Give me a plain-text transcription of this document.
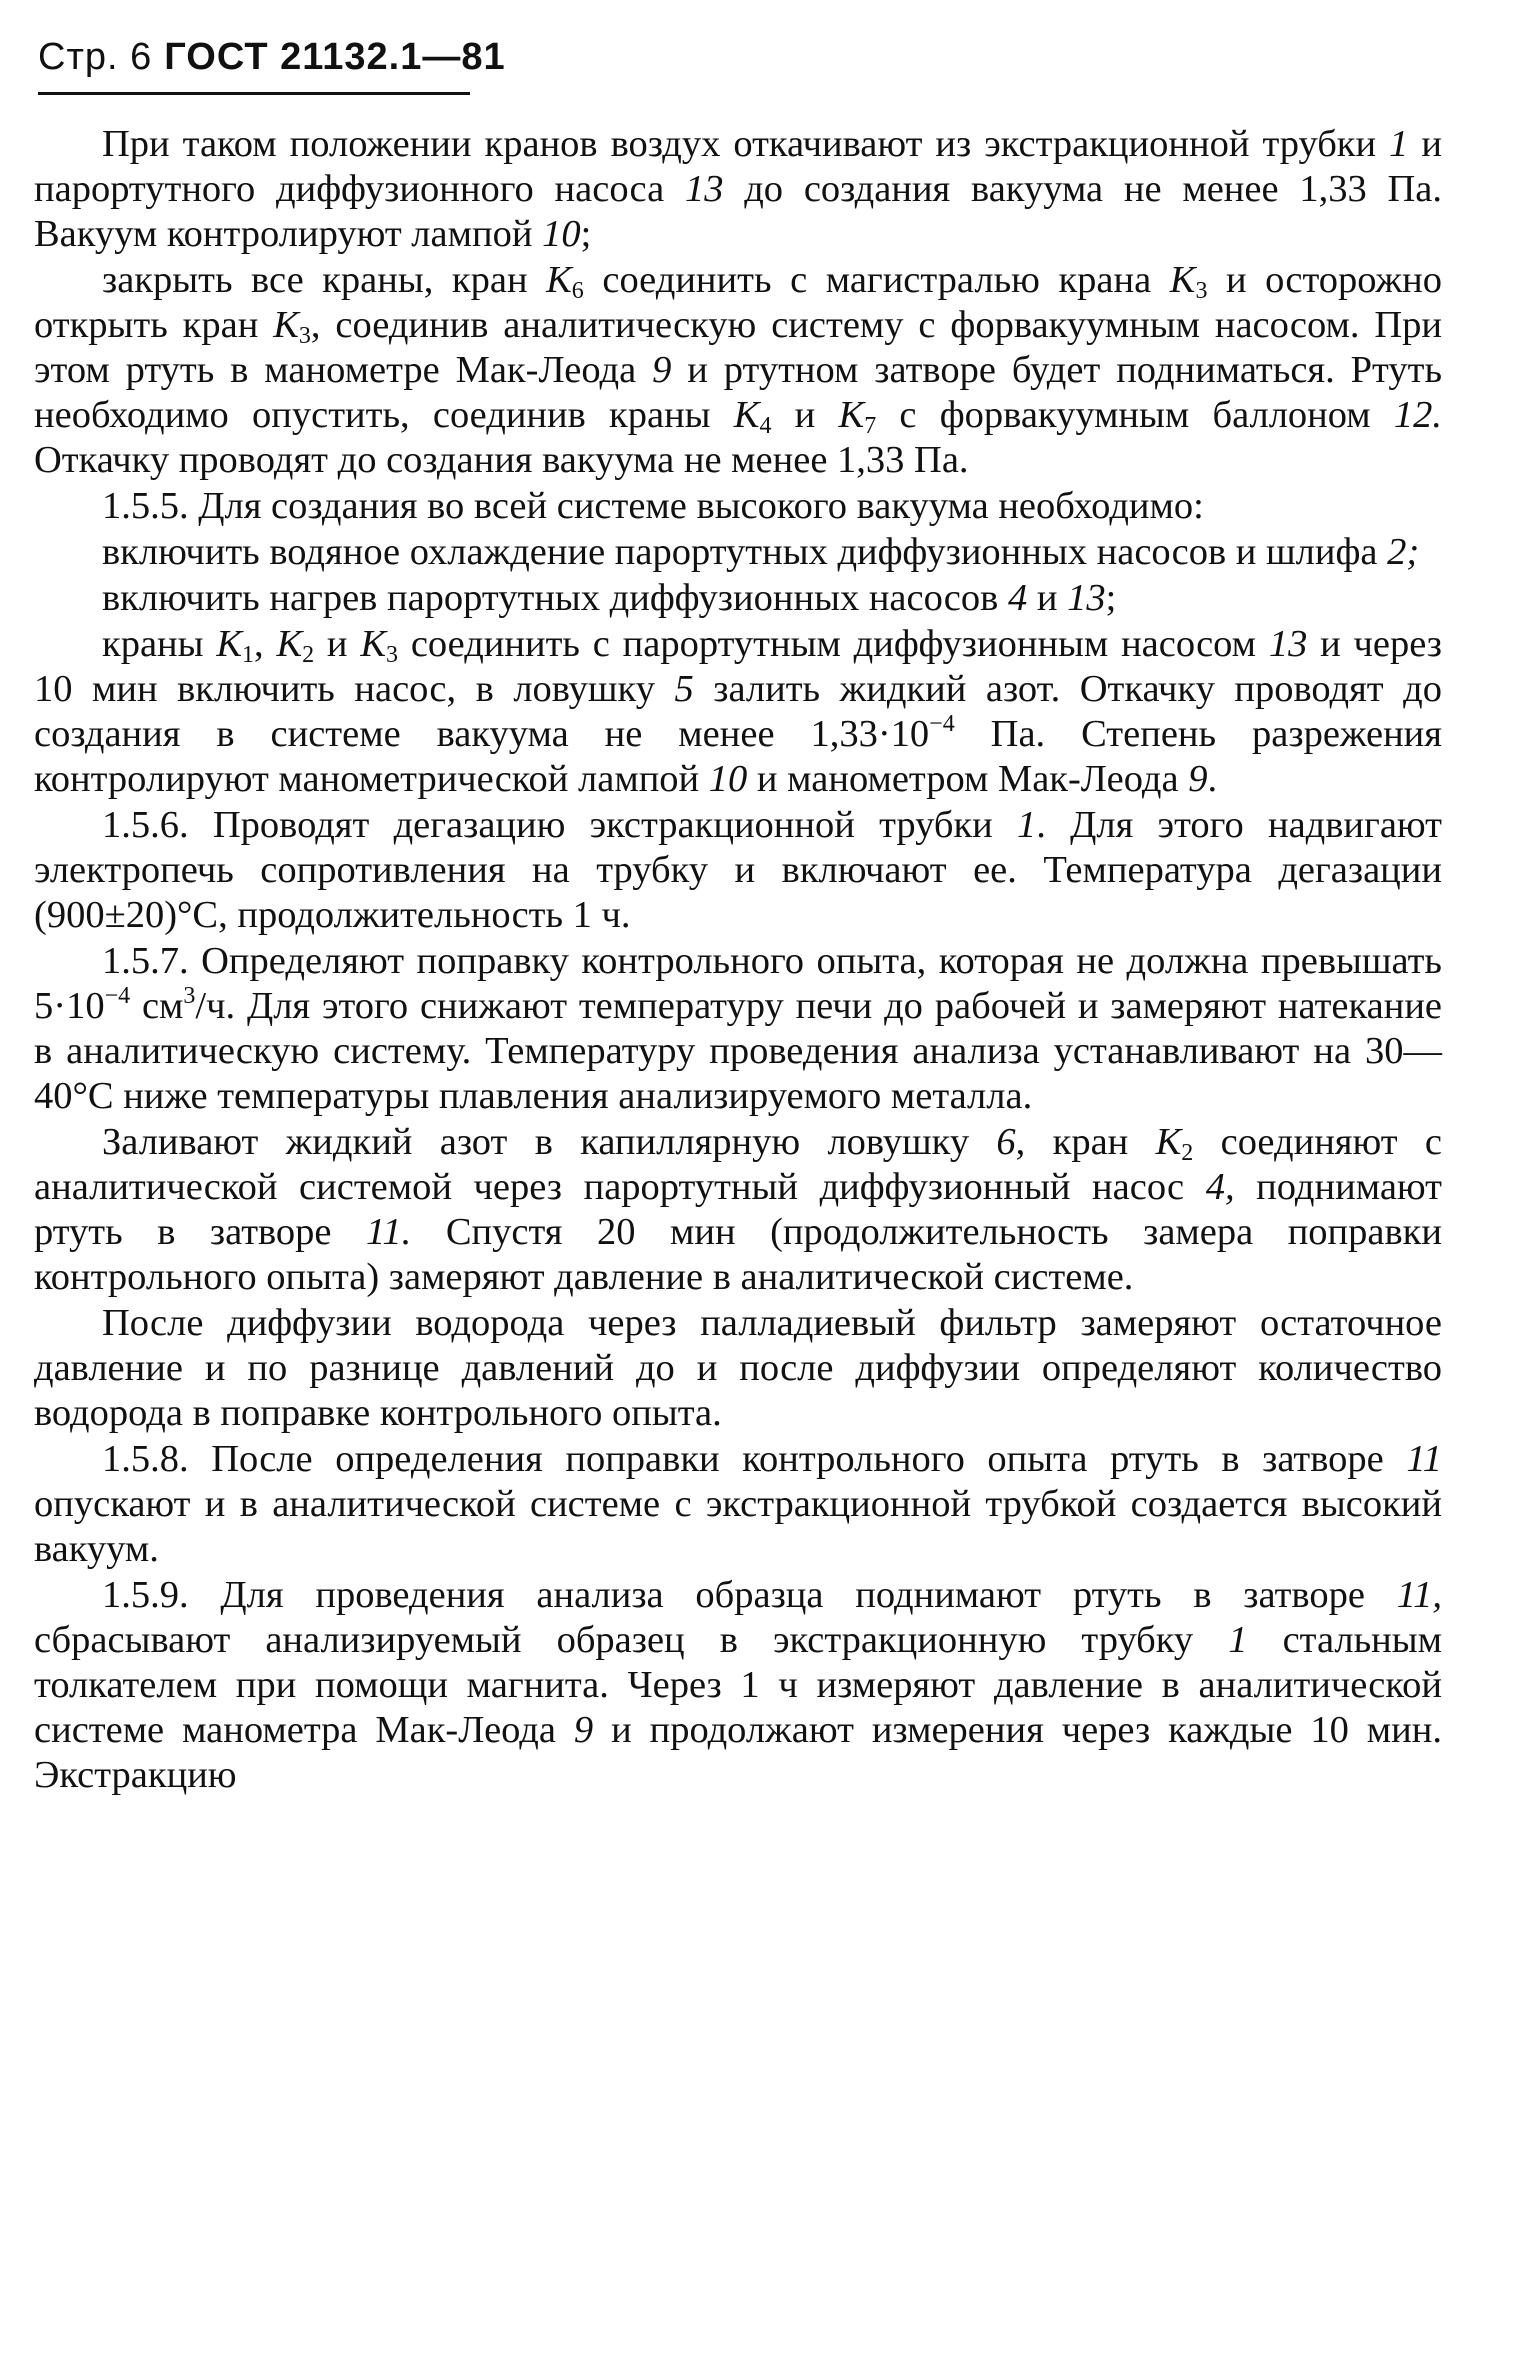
Стр. 6 ГОСТ 21132.1—81

При таком положении кранов воздух откачивают из экстракционной трубки 1 и парортутного диффузионного насоса 13 до создания вакуума не менее 1,33 Па. Вакуум контролируют лампой 10;

закрыть все краны, кран $K_6$ соединить с магистралью крана $K_3$ и осторожно открыть кран $K_3$, соединив аналитическую систему с форвакуумным насосом. При этом ртуть в манометре Мак-Леода 9 и ртутном затворе будет подниматься. Ртуть необходимо опустить, соединив краны $K_4$ и $K_7$ с форвакуумным баллоном 12. Откачку проводят до создания вакуума не менее 1,33 Па.

1.5.5. Для создания во всей системе высокого вакуума необходимо:

включить водяное охлаждение парортутных диффузионных насосов и шлифа 2;

включить нагрев парортутных диффузионных насосов 4 и 13;

краны $K_1$, $K_2$ и $K_3$ соединить с парортутным диффузионным насосом 13 и через 10 мин включить насос, в ловушку 5 залить жидкий азот. Откачку проводят до создания в системе вакуума не менее $1,33\cdot 10^{-4}$ Па. Степень разрежения контролируют манометрической лампой 10 и манометром Мак-Леода 9.

1.5.6. Проводят дегазацию экстракционной трубки 1. Для этого надвигают электропечь сопротивления на трубку и включают ее. Температура дегазации (900±20)°С, продолжительность 1 ч.

1.5.7. Определяют поправку контрольного опыта, которая не должна превышать $5\cdot 10^{-4}$ $см^3/ч$. Для этого снижают температуру печи до рабочей и замеряют натекание в аналитическую систему. Температуру проведения анализа устанавливают на 30—40°С ниже температуры плавления анализируемого металла.

Заливают жидкий азот в капиллярную ловушку 6, кран $K_2$ соединяют с аналитической системой через парортутный диффузионный насос 4, поднимают ртуть в затворе 11. Спустя 20 мин (продолжительность замера поправки контрольного опыта) замеряют давление в аналитической системе.

После диффузии водорода через палладиевый фильтр замеряют остаточное давление и по разнице давлений до и после диффузии определяют количество водорода в поправке контрольного опыта.

1.5.8. После определения поправки контрольного опыта ртуть в затворе 11 опускают и в аналитической системе с экстракционной трубкой создается высокий вакуум.

1.5.9. Для проведения анализа образца поднимают ртуть в затворе 11, сбрасывают анализируемый образец в экстракционную трубку 1 стальным толкателем при помощи магнита. Через 1 ч измеряют давление в аналитической системе манометра Мак-Леода 9 и продолжают измерения через каждые 10 мин. Экстракцию
